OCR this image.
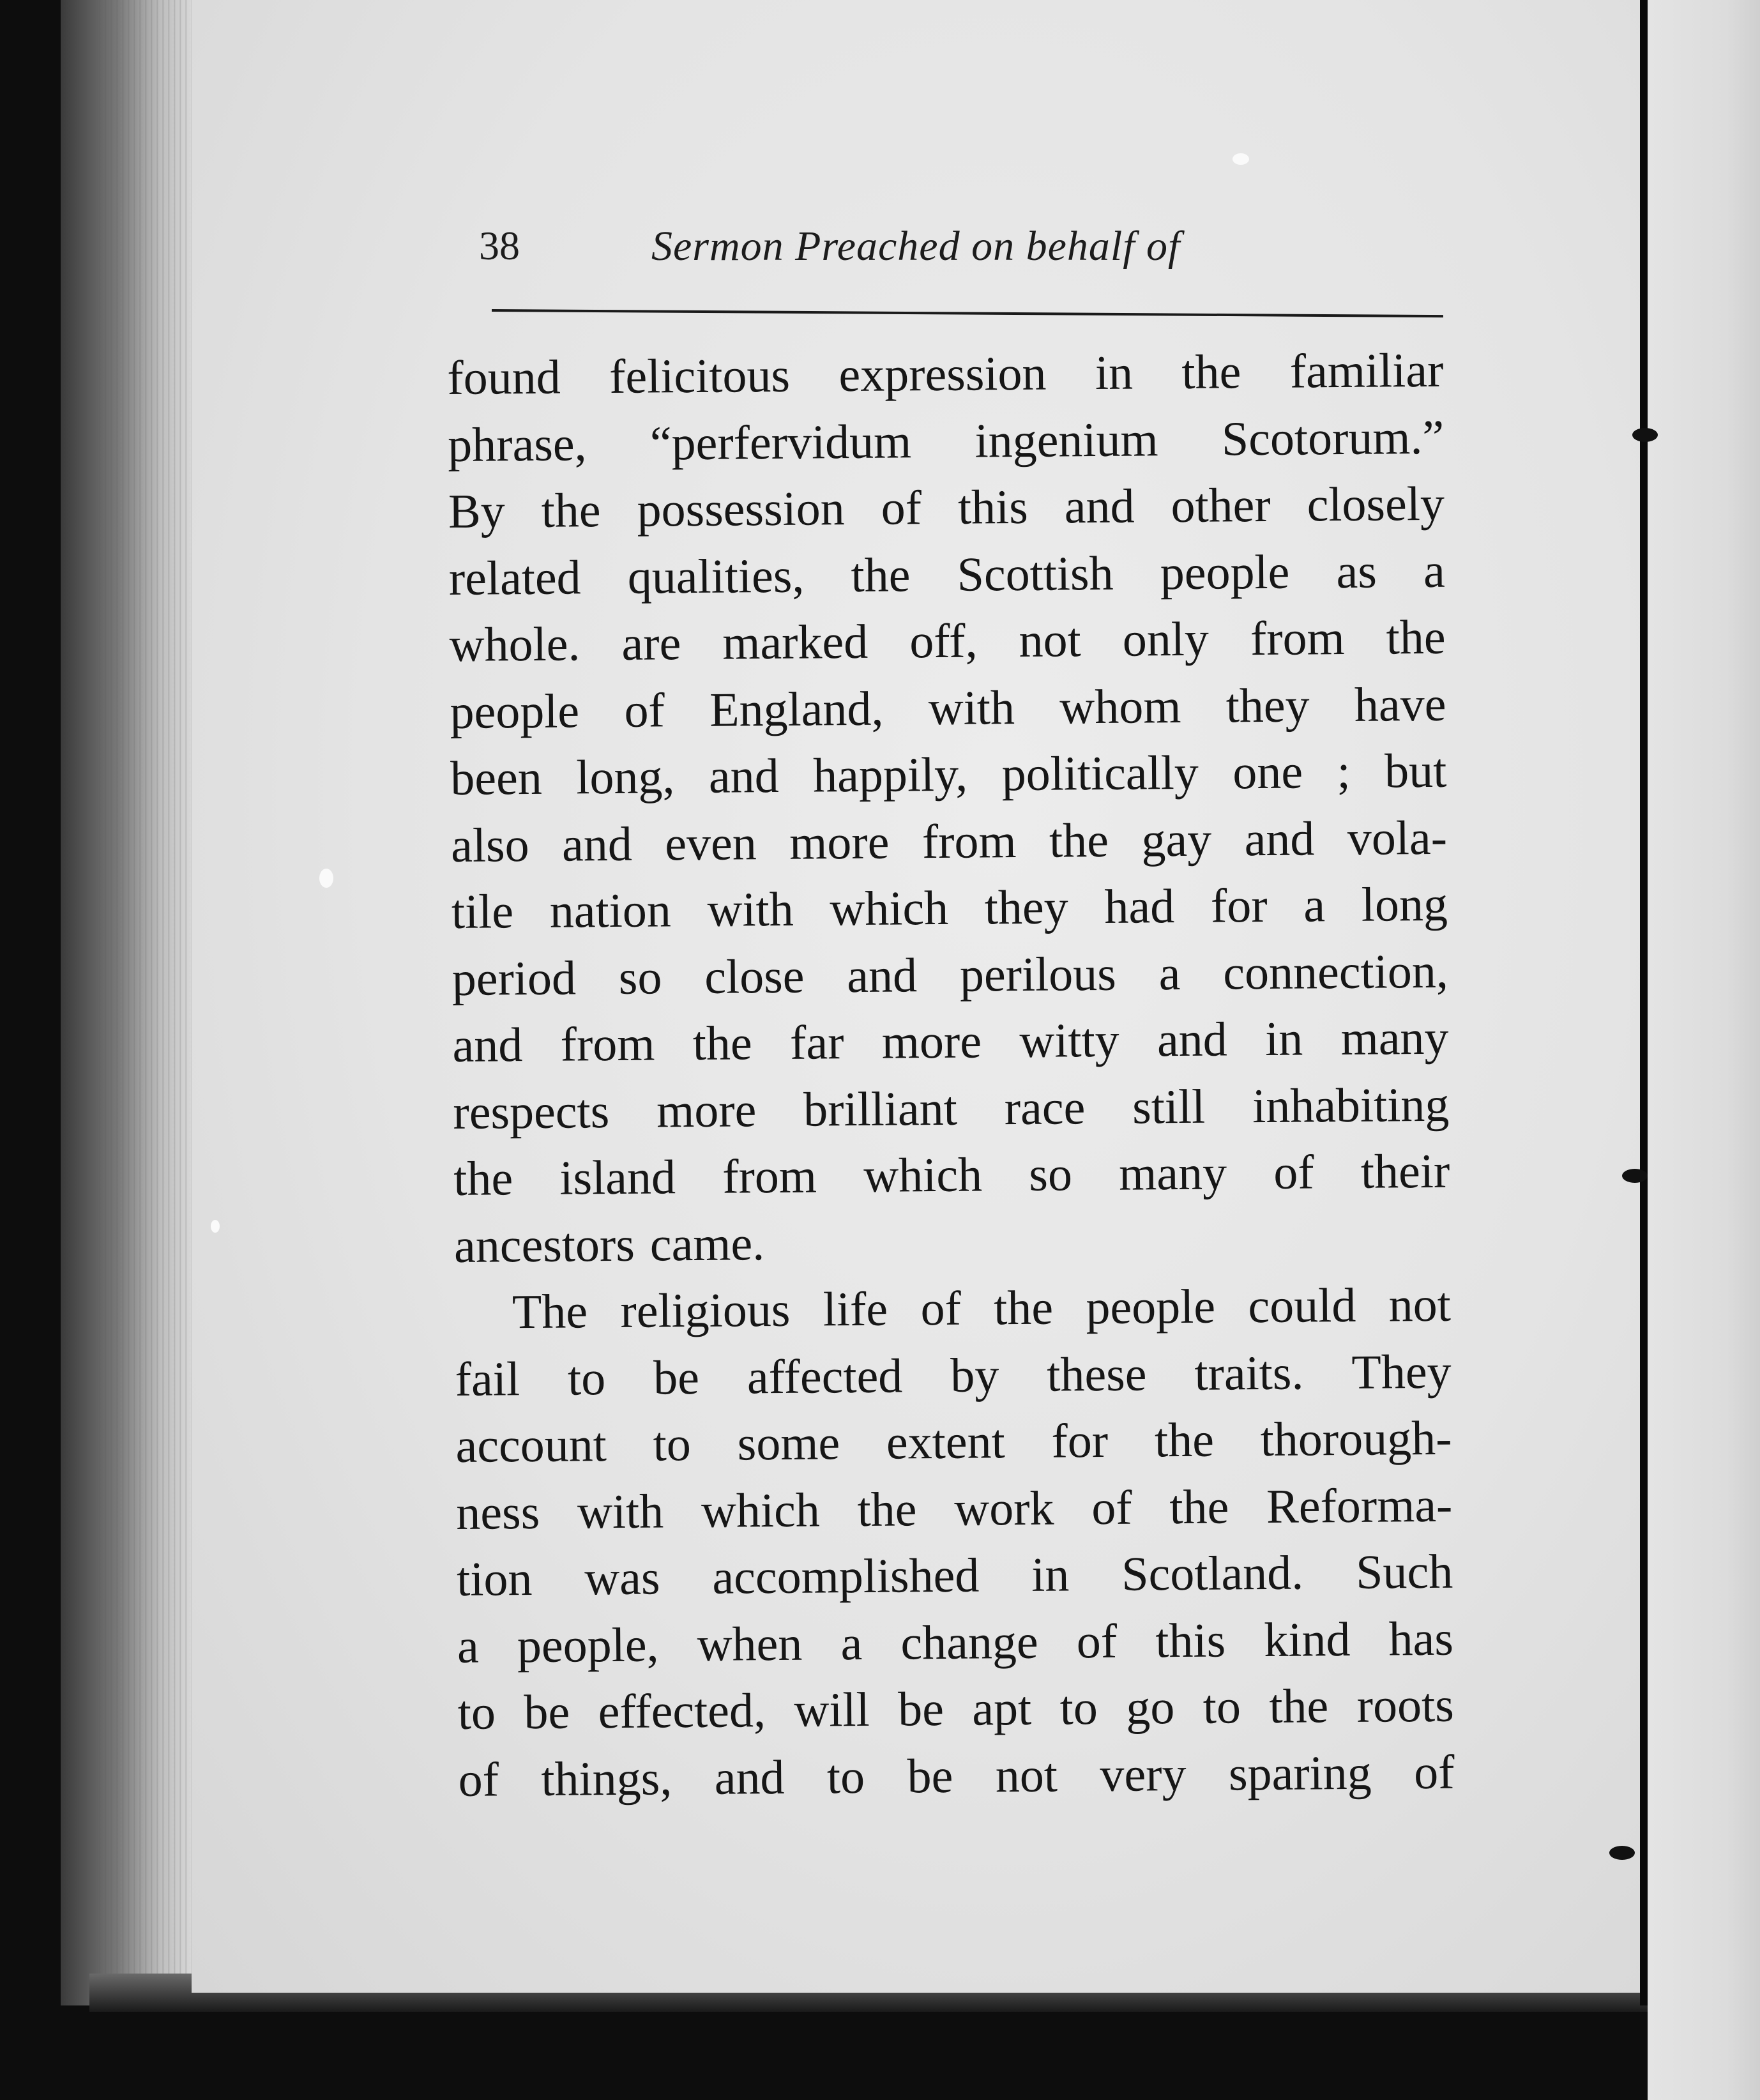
38	Sermon Preached on behalf of
found felicitous expression in the familiar
phrase, “perfervidum ingenium Scotorum.”
By the possession of this and other closely
related qualities, the Scottish people as a
whole. are marked off, not only from the
people of England, with whom they have
been long, and happily, politically one ; but
also and even more from the gay and vola-
tile nation with which they had for a long
period so close and perilous a connection,
and from the far more witty and in many
respects more brilliant race still inhabiting
the island from which so many of their
ancestors came.
The religious life of the people could not
fail to be affected by these traits. They
account to some extent for the thorough-
ness with which the work of the Reforma-
tion was accomplished in Scotland. Such
a people, when a change of this kind has
to be effected, will be apt to go to the roots
of things, and to be not very sparing of
